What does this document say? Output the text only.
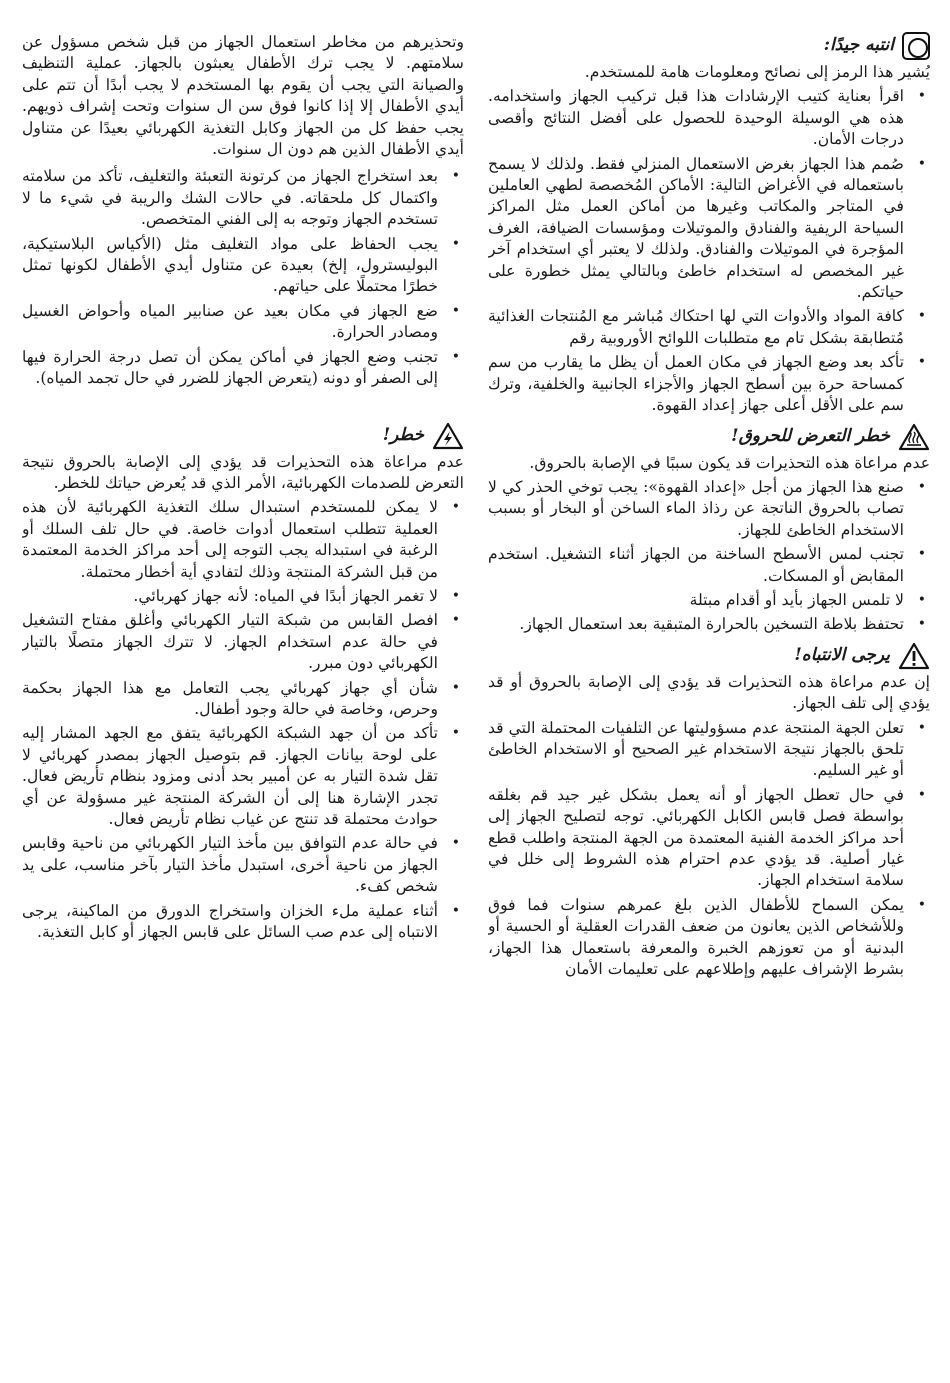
انتبه جيدًا:

يُشير هذا الرمز إلى نصائح ومعلومات هامة للمستخدم.

• اقرأ بعناية كتيب الإرشادات هذا قبل تركيب الجهاز واستخدامه. هذه هي الوسيلة الوحيدة للحصول على أفضل النتائج وأقصى درجات الأمان.
• صُمم هذا الجهاز بغرض الاستعمال المنزلي فقط. ولذلك لا يسمح باستعماله في الأغراض التالية: الأماكن المُخصصة لطهي العاملين في المتاجر والمكاتب وغيرها من أماكن العمل مثل المراكز السياحة الريفية والفنادق والموتيلات ومؤسسات الضيافة، الغرف المؤجرة في الموتيلات والفنادق. ولذلك لا يعتبر أي استخدام آخر غير المخصص له استخدام خاطئ وبالتالي يمثل خطورة على حياتكم.
• كافة المواد والأدوات التي لها احتكاك مُباشر مع المُنتجات الغذائية مُتطابقة بشكل تام مع متطلبات اللوائح الأوروبية رقم
• تأكد بعد وضع الجهاز في مكان العمل أن يظل ما يقارب من سم كمساحة حرة بين أسطح الجهاز والأجزاء الجانبية والخلفية، وترك سم على الأقل أعلى جهاز إعداد القهوة.
خطر التعرض للحروق!

عدم مراعاة هذه التحذيرات قد يكون سببًا في الإصابة بالحروق.

• صنع هذا الجهاز من أجل «إعداد القهوة»: يجب توخي الحذر كي لا تصاب بالحروق الناتجة عن رذاذ الماء الساخن أو البخار أو بسبب الاستخدام الخاطئ للجهاز.
• تجنب لمس الأسطح الساخنة من الجهاز أثناء التشغيل. استخدم المقابض أو المسكات.
• لا تلمس الجهاز بأيد أو أقدام مبتلة
• تحتفظ بلاطة التسخين بالحرارة المتبقية بعد استعمال الجهاز.
يرجى الانتباه!

إن عدم مراعاة هذه التحذيرات قد يؤدي إلى الإصابة بالحروق أو قد يؤدي إلى تلف الجهاز.

• تعلن الجهة المنتجة عدم مسؤوليتها عن التلفيات المحتملة التي قد تلحق بالجهاز نتيجة الاستخدام غير الصحيح أو الاستخدام الخاطئ أو غير السليم.
• في حال تعطل الجهاز أو أنه يعمل بشكل غير جيد قم بغلقه بواسطة فصل قابس الكابل الكهربائي. توجه لتصليح الجهاز إلى أحد مراكز الخدمة الفنية المعتمدة من الجهة المنتجة واطلب قطع غيار أصلية. قد يؤدي عدم احترام هذه الشروط إلى خلل في سلامة استخدام الجهاز.
• يمكن السماح للأطفال الذين بلغ عمرهم سنوات فما فوق وللأشخاص الذين يعانون من ضعف القدرات العقلية أو الحسية أو البدنية أو من تعوزهم الخبرة والمعرفة باستعمال هذا الجهاز، بشرط الإشراف عليهم وإطلاعهم على تعليمات الأمان

وتحذيرهم من مخاطر استعمال الجهاز من قبل شخص مسؤول عن سلامتهم. لا يجب ترك الأطفال يعبثون بالجهاز. عملية التنظيف والصيانة التي يجب أن يقوم بها المستخدم لا يجب أبدًا أن تتم على أيدي الأطفال إلا إذا كانوا فوق سن ال سنوات وتحت إشراف ذويهم. يجب حفظ كل من الجهاز وكابل التغذية الكهربائي بعيدًا عن متناول أيدي الأطفال الذين هم دون ال سنوات.

• بعد استخراج الجهاز من كرتونة التعبئة والتغليف، تأكد من سلامته واكتمال كل ملحقاته. في حالات الشك والريبة في شيء ما لا تستخدم الجهاز وتوجه به إلى الفني المتخصص.
• يجب الحفاظ على مواد التغليف مثل (الأكياس البلاستيكية، البوليسترول، إلخ) بعيدة عن متناول أيدي الأطفال لكونها تمثل خطرًا محتملًا على حياتهم.
• ضع الجهاز في مكان بعيد عن صنابير المياه وأحواض الغسيل ومصادر الحرارة.
• تجنب وضع الجهاز في أماكن يمكن أن تصل درجة الحرارة فيها إلى الصفر أو دونه (يتعرض الجهاز للضرر في حال تجمد المياه).
خطر!

عدم مراعاة هذه التحذيرات قد يؤدي إلى الإصابة بالحروق نتيجة التعرض للصدمات الكهربائية، الأمر الذي قد يُعرض حياتك للخطر.

• لا يمكن للمستخدم استبدال سلك التغذية الكهربائية لأن هذه العملية تتطلب استعمال أدوات خاصة. في حال تلف السلك أو الرغبة في استبداله يجب التوجه إلى أحد مراكز الخدمة المعتمدة من قبل الشركة المنتجة وذلك لتفادي أية أخطار محتملة.
• لا تغمر الجهاز أبدًا في المياه: لأنه جهاز كهربائي.
• افصل القابس من شبكة التيار الكهربائي وأغلق مفتاح التشغيل في حالة عدم استخدام الجهاز. لا تترك الجهاز متصلًا بالتيار الكهربائي دون مبرر.
• شأن أي جهاز كهربائي يجب التعامل مع هذا الجهاز بحكمة وحرص، وخاصة في حالة وجود أطفال.
• تأكد من أن جهد الشبكة الكهربائية يتفق مع الجهد المشار إليه على لوحة بيانات الجهاز. قم بتوصيل الجهاز بمصدر كهربائي لا تقل شدة التيار به عن أمبير بحد أدنى ومزود بنظام تأريض فعال. تجدر الإشارة هنا إلى أن الشركة المنتجة غير مسؤولة عن أي حوادث محتملة قد تنتج عن غياب نظام تأريض فعال.
• في حالة عدم التوافق بين مأخذ التيار الكهربائي من ناحية وقابس الجهاز من ناحية أخرى، استبدل مأخذ التيار بآخر مناسب، على يد شخص كفء.
• أثناء عملية ملء الخزان واستخراج الدورق من الماكينة، يرجى الانتباه إلى عدم صب السائل على قابس الجهاز أو كابل التغذية.
